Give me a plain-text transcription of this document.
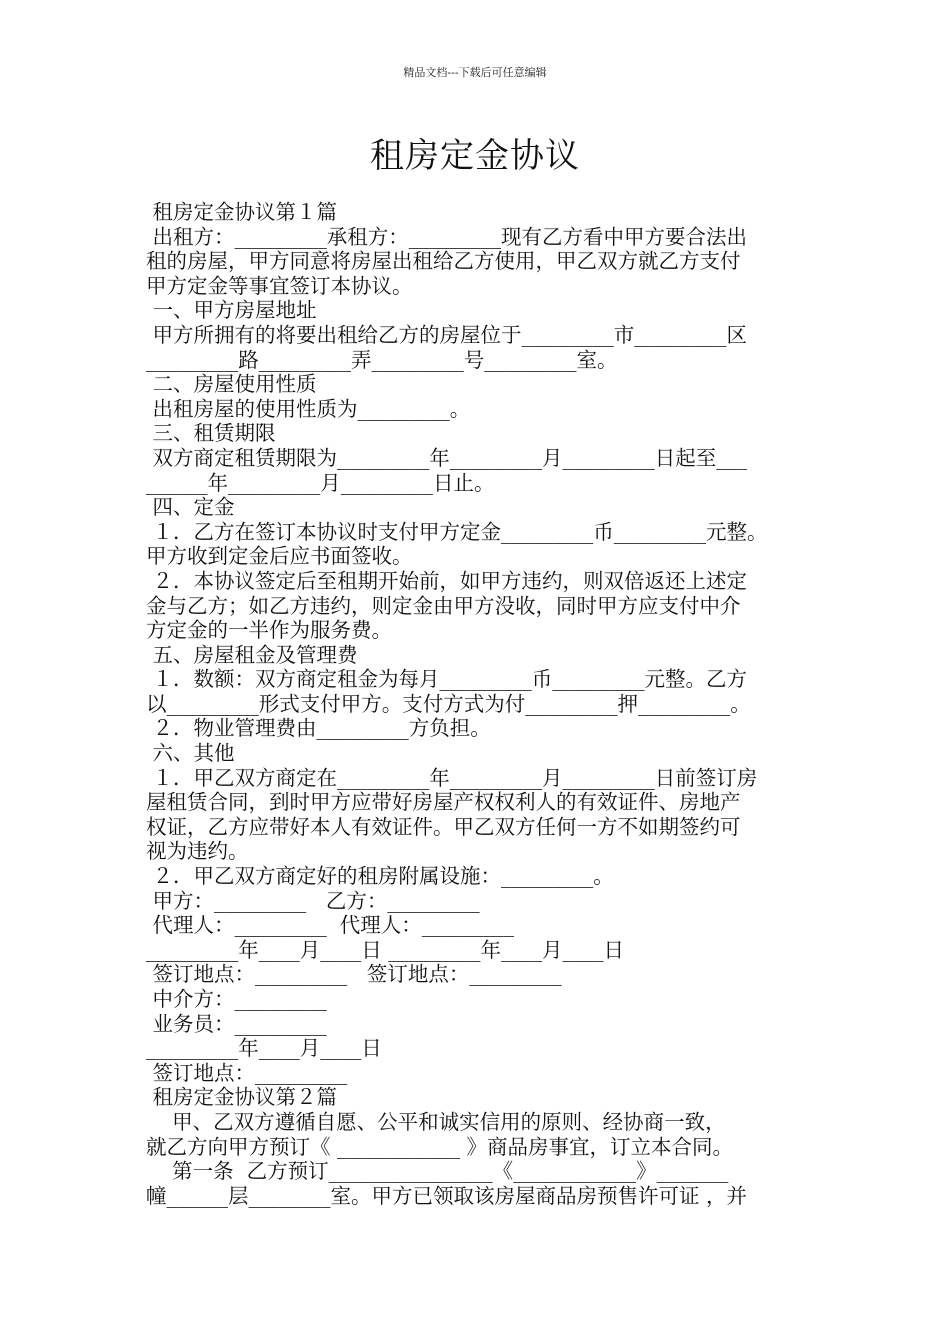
精品文档---下载后可任意编辑
租房定金协议
租房定金协议第１篇
出租方：_________承租方：_________现有乙方看中甲方要合法出
租的房屋，甲方同意将房屋出租给乙方使用，甲乙双方就乙方支付
甲方定金等事宜签订本协议。
一、甲方房屋地址
甲方所拥有的将要出租给乙方的房屋位于_________市_________区
_________路_________弄_________号_________室。
二、房屋使用性质
出租房屋的使用性质为_________。
三、租赁期限
双方商定租赁期限为_________年_________月_________日起至___
______年_________月_________日止。
四、定金
１．乙方在签订本协议时支付甲方定金_________币_________元整。
甲方收到定金后应书面签收。
２．本协议签定后至租期开始前，如甲方违约，则双倍返还上述定
金与乙方；如乙方违约，则定金由甲方没收，同时甲方应支付中介
方定金的一半作为服务费。
五、房屋租金及管理费
１．数额：双方商定租金为每月_________币_________元整。乙方
以_________形式支付甲方。支付方式为付_________押_________。
２．物业管理费由_________方负担。
六、其他
１．甲乙双方商定在_________年_________月_________日前签订房
屋租赁合同，到时甲方应带好房屋产权权利人的有效证件、房地产
权证，乙方应带好本人有效证件。甲乙双方任何一方不如期签约可
视为违约。
２．甲乙双方商定好的租房附属设施：_________。
甲方：_________   乙方：_________
代理人：_________  代理人：_________
_________年____月____日 _________年____月____日
签订地点：_________   签订地点：_________
中介方：_________
业务员：_________
_________年____月____日
签订地点：_________
租房定金协议第２篇
甲、乙双方遵循自愿、公平和诚实信用的原则、经协商一致，
就乙方向甲方预订《 ____________ 》商品房事宜，订立本合同。
第一条  乙方预订________________《____________》_______
幢______层________室。甲方已领取该房屋商品房预售许可证 ，并
